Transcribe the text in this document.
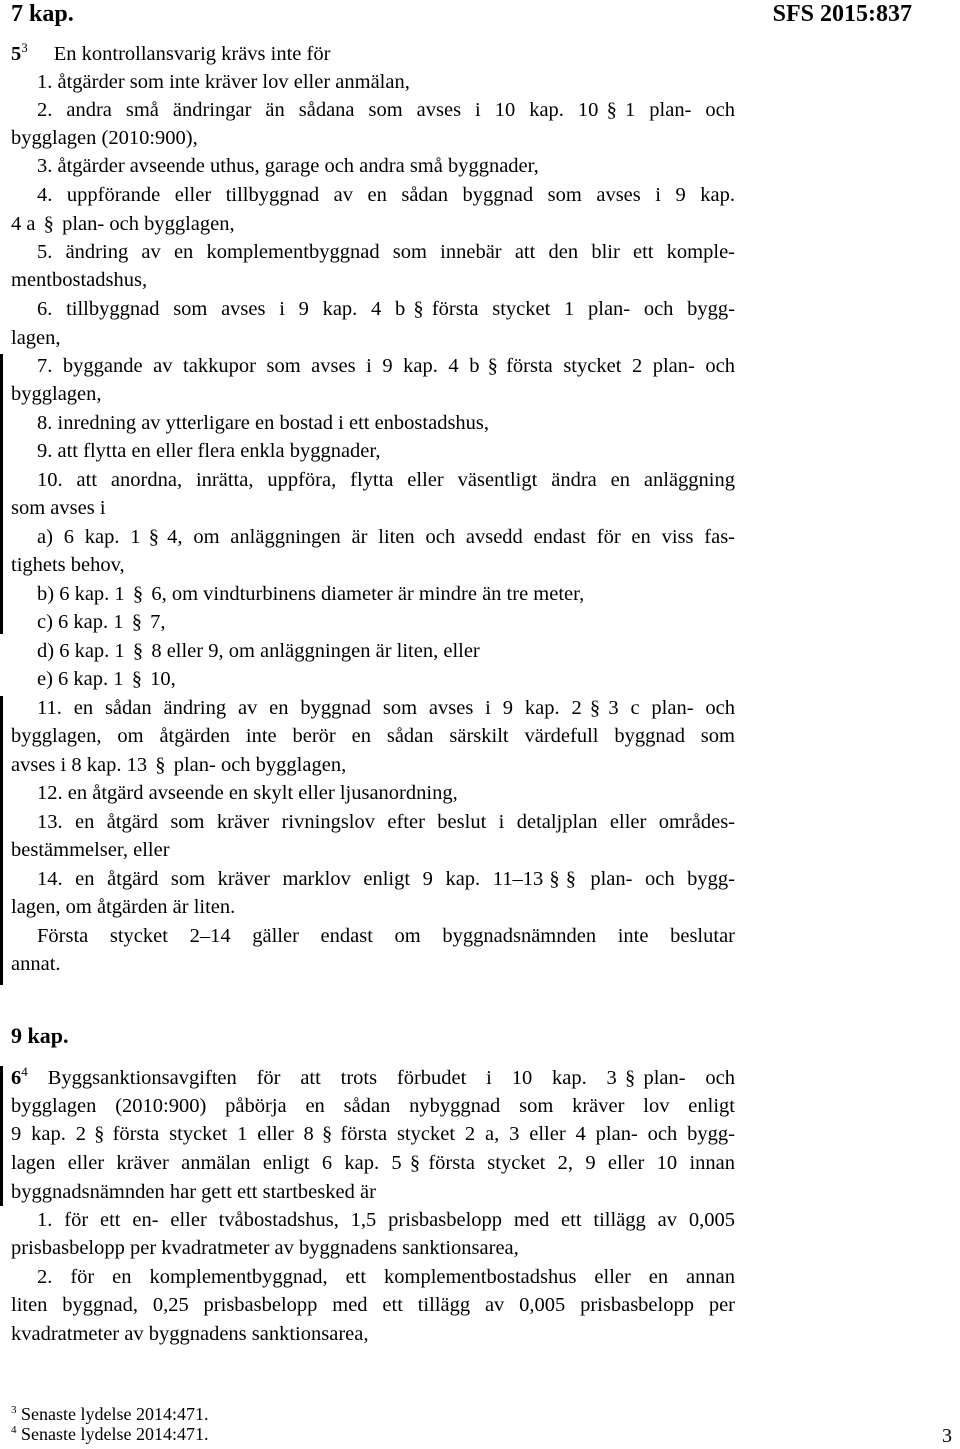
7 kap.	SFS 2015:837
$5^3$ En kontrollansvarig krävs inte för
1. åtgärder som inte kräver lov eller anmälan,
2. andra små ändringar än sådana som avses i 10 kap. 10 § 1 plan- och
bygglagen (2010:900),
3. åtgärder avseende uthus, garage och andra små byggnader,
4. uppförande eller tillbyggnad av en sådan byggnad som avses i 9 kap.
4 a § plan- och bygglagen,
5. ändring av en komplementbyggnad som innebär att den blir ett komple-
mentbostadshus,
6. tillbyggnad som avses i 9 kap. 4 b § första stycket 1 plan- och bygg-
lagen,
7. byggande av takkupor som avses i 9 kap. 4 b § första stycket 2 plan- och
bygglagen,
8. inredning av ytterligare en bostad i ett enbostadshus,
9. att flytta en eller flera enkla byggnader,
10. att anordna, inrätta, uppföra, flytta eller väsentligt ändra en anläggning
som avses i
a) 6 kap. 1 § 4, om anläggningen är liten och avsedd endast för en viss fas-
tighets behov,
b) 6 kap. 1 § 6, om vindturbinens diameter är mindre än tre meter,
c) 6 kap. 1 § 7,
d) 6 kap. 1 § 8 eller 9, om anläggningen är liten, eller
e) 6 kap. 1 § 10,
11. en sådan ändring av en byggnad som avses i 9 kap. 2 § 3 c plan- och
bygglagen, om åtgärden inte berör en sådan särskilt värdefull byggnad som
avses i 8 kap. 13 § plan- och bygglagen,
12. en åtgärd avseende en skylt eller ljusanordning,
13. en åtgärd som kräver rivningslov efter beslut i detaljplan eller områdes-
bestämmelser, eller
14. en åtgärd som kräver marklov enligt 9 kap. 11–13 § § plan- och bygg-
lagen, om åtgärden är liten.
Första stycket 2–14 gäller endast om byggnadsnämnden inte beslutar
annat.
9 kap.
$6^4$ Byggsanktionsavgiften för att trots förbudet i 10 kap. 3 § plan- och
bygglagen (2010:900) påbörja en sådan nybyggnad som kräver lov enligt
9 kap. 2 § första stycket 1 eller 8 § första stycket 2 a, 3 eller 4 plan- och bygg-
lagen eller kräver anmälan enligt 6 kap. 5 § första stycket 2, 9 eller 10 innan
byggnadsnämnden har gett ett startbesked är
1. för ett en- eller tvåbostadshus, 1,5 prisbasbelopp med ett tillägg av 0,005
prisbasbelopp per kvadratmeter av byggnadens sanktionsarea,
2. för en komplementbyggnad, ett komplementbostadshus eller en annan
liten byggnad, 0,25 prisbasbelopp med ett tillägg av 0,005 prisbasbelopp per
kvadratmeter av byggnadens sanktionsarea,
$^3$ Senaste lydelse 2014:471.
$^4$ Senaste lydelse 2014:471.	3
